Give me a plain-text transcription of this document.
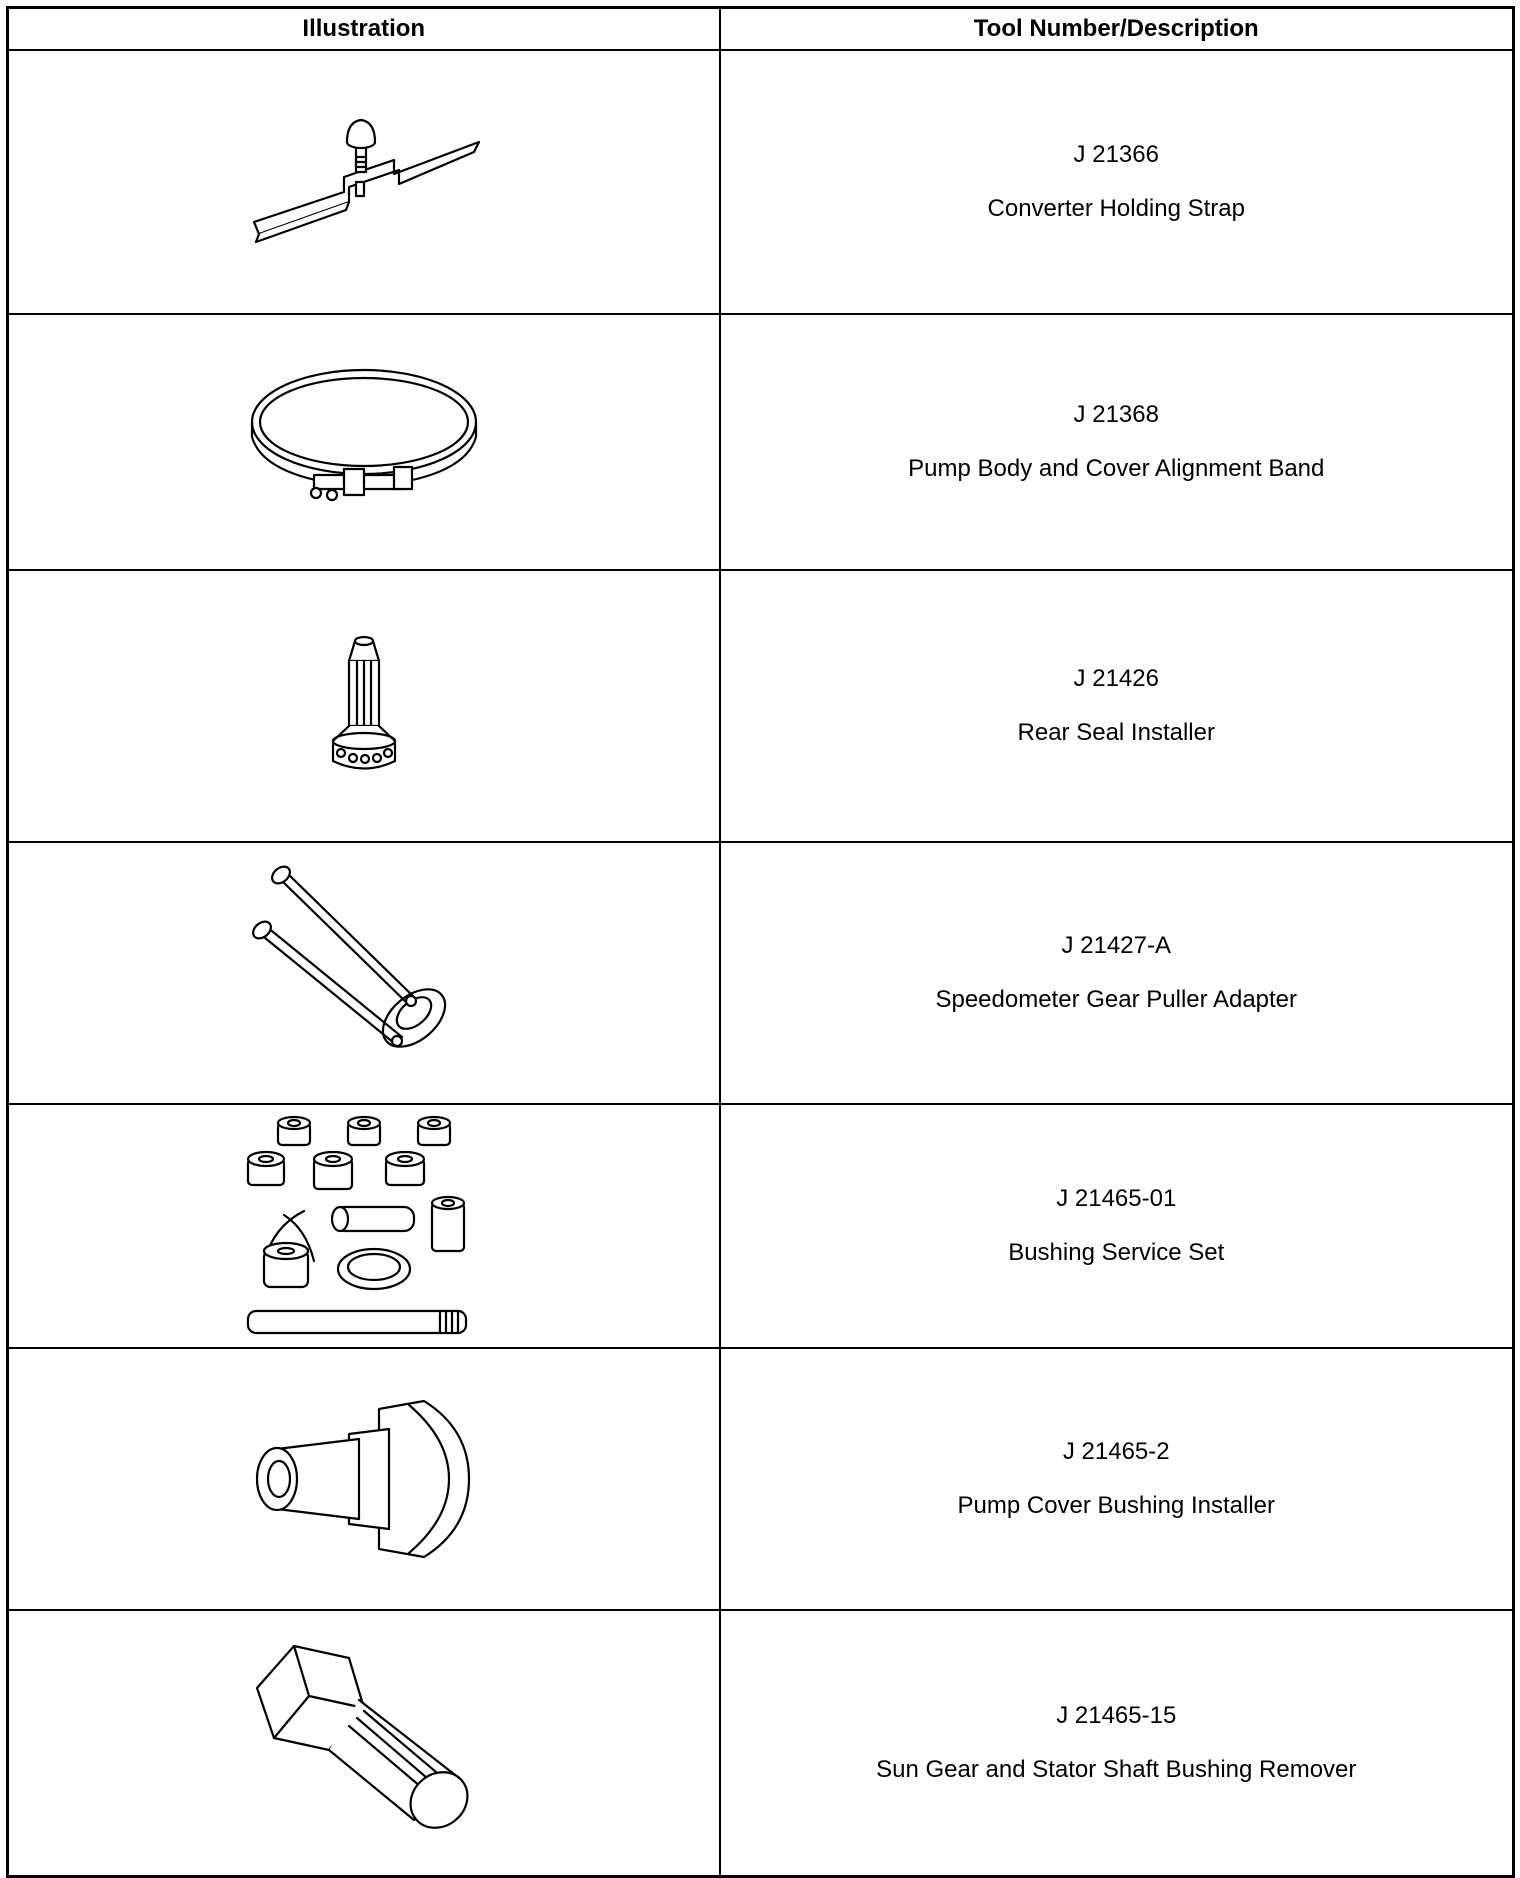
Illustration	Tool Number/Description

J 21366
Converter Holding Strap

J 21368
Pump Body and Cover Alignment Band

J 21426
Rear Seal Installer

J 21427-A
Speedometer Gear Puller Adapter

J 21465-01
Bushing Service Set

J 21465-2
Pump Cover Bushing Installer

J 21465-15
Sun Gear and Stator Shaft Bushing Remover
